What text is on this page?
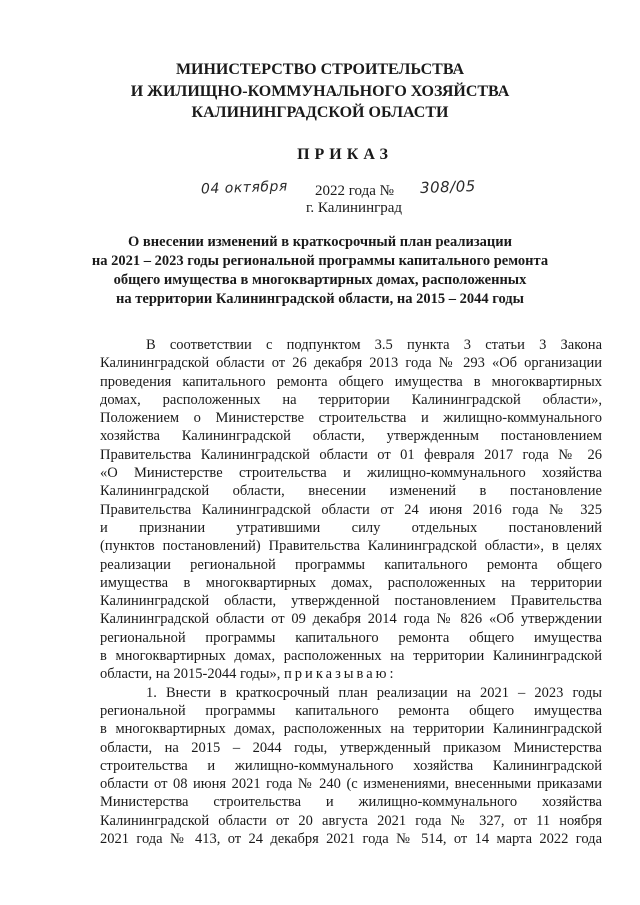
МИНИСТЕРСТВО СТРОИТЕЛЬСТВА
И ЖИЛИЩНО-КОММУНАЛЬНОГО ХОЗЯЙСТВА
КАЛИНИНГРАДСКОЙ ОБЛАСТИ
ПРИКАЗ
04 октября 2022 года № 308/05
г. Калининград
О внесении изменений в краткосрочный план реализации
на 2021 – 2023 годы региональной программы капитального ремонта
общего имущества в многоквартирных домах, расположенных
на территории Калининградской области, на 2015 – 2044 годы
В соответствии с подпунктом 3.5 пункта 3 статьи 3 Закона
Калининградской области от 26 декабря 2013 года № 293 «Об организации
проведения капитального ремонта общего имущества в многоквартирных
домах, расположенных на территории Калининградской области»,
Положением о Министерстве строительства и жилищно-коммунального
хозяйства Калининградской области, утвержденным постановлением
Правительства Калининградской области от 01 февраля 2017 года № 26
«О Министерстве строительства и жилищно-коммунального хозяйства
Калининградской области, внесении изменений в постановление
Правительства Калининградской области от 24 июня 2016 года № 325
и признании утратившими силу отдельных постановлений
(пунктов постановлений) Правительства Калининградской области», в целях
реализации региональной программы капитального ремонта общего
имущества в многоквартирных домах, расположенных на территории
Калининградской области, утвержденной постановлением Правительства
Калининградской области от 09 декабря 2014 года № 826 «Об утверждении
региональной программы капитального ремонта общего имущества
в многоквартирных домах, расположенных на территории Калининградской
области, на 2015-2044 годы», приказываю:
1. Внести в краткосрочный план реализации на 2021 – 2023 годы
региональной программы капитального ремонта общего имущества
в многоквартирных домах, расположенных на территории Калининградской
области, на 2015 – 2044 годы, утвержденный приказом Министерства
строительства и жилищно-коммунального хозяйства Калининградской
области от 08 июня 2021 года № 240 (с изменениями, внесенными приказами
Министерства строительства и жилищно-коммунального хозяйства
Калининградской области от 20 августа 2021 года № 327, от 11 ноября
2021 года № 413, от 24 декабря 2021 года № 514, от 14 марта 2022 года
